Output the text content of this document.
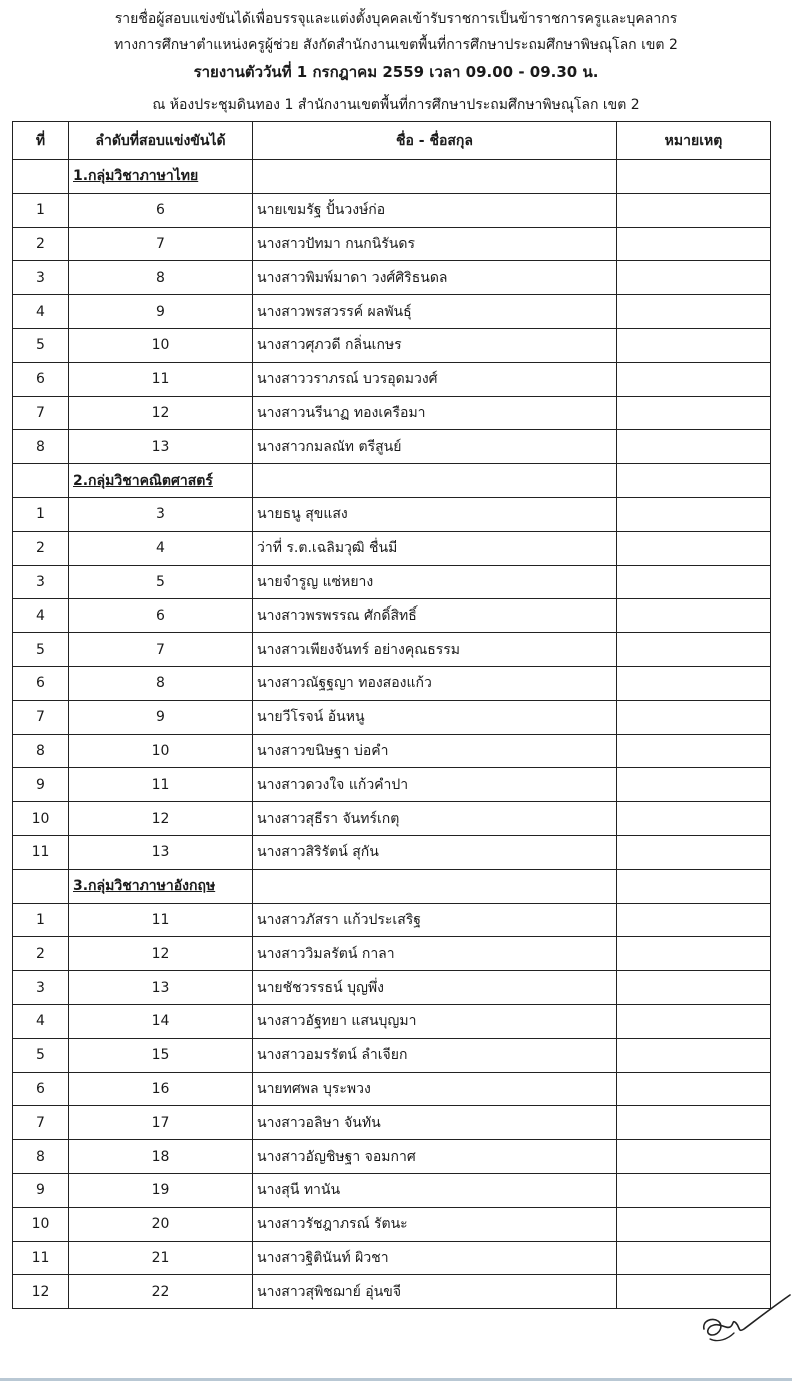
รายชื่อผู้สอบแข่งขันได้เพื่อบรรจุและแต่งตั้งบุคคลเข้ารับราชการเป็นข้าราชการครูและบุคลากร
ทางการศึกษาตำแหน่งครูผู้ช่วย สังกัดสำนักงานเขตพื้นที่การศึกษาประถมศึกษาพิษณุโลก เขต 2
รายงานตัววันที่ 1 กรกฎาคม 2559 เวลา 09.00 - 09.30 น.
ณ ห้องประชุมดินทอง 1 สำนักงานเขตพื้นที่การศึกษาประถมศึกษาพิษณุโลก เขต 2
ที่	ลำดับที่สอบแข่งขันได้	ชื่อ - ชื่อสกุล	หมายเหตุ
	1.กลุ่มวิชาภาษาไทย		
1	6	นายเขมรัฐ ปั้นวงษ์ก่อ	
2	7	นางสาวปัทมา กนกนิรันดร	
3	8	นางสาวพิมพ์มาดา วงศ์ศิริธนดล	
4	9	นางสาวพรสวรรค์ ผลพันธุ์	
5	10	นางสาวศุภวดี กลิ่นเกษร	
6	11	นางสาววราภรณ์ บวรอุดมวงศ์	
7	12	นางสาวนรีนาฏ ทองเครือมา	
8	13	นางสาวกมลณัท ตรีสูนย์	
	2.กลุ่มวิชาคณิตศาสตร์		
1	3	นายธนู สุขแสง	
2	4	ว่าที่ ร.ต.เฉลิมวุฒิ ชื่นมี	
3	5	นายจำรูญ แซ่หยาง	
4	6	นางสาวพรพรรณ ศักดิ์สิทธิ์	
5	7	นางสาวเพียงจันทร์ อย่างคุณธรรม	
6	8	นางสาวณัฐฐญา ทองสองแก้ว	
7	9	นายวีโรจน์ อ้นหนู	
8	10	นางสาวขนิษฐา บ่อคำ	
9	11	นางสาวดวงใจ แก้วคำปา	
10	12	นางสาวสุธีรา จันทร์เกตุ	
11	13	นางสาวสิริรัตน์ สุกัน	
	3.กลุ่มวิชาภาษาอังกฤษ		
1	11	นางสาวภัสรา แก้วประเสริฐ	
2	12	นางสาววิมลรัตน์ กาลา	
3	13	นายชัชวรรธน์ บุญพึ่ง	
4	14	นางสาวอัฐทยา แสนบุญมา	
5	15	นางสาวอมรรัตน์ ลำเจียก	
6	16	นายทศพล บุระพวง	
7	17	นางสาวอลิษา จันทัน	
8	18	นางสาวอัญชิษฐา จอมกาศ	
9	19	นางสุนี ทานัน	
10	20	นางสาวรัชฎาภรณ์ รัตนะ	
11	21	นางสาวฐิตินันท์ ผิวชา	
12	22	นางสาวสุพิชฌาย์ อุ่นขจี	
